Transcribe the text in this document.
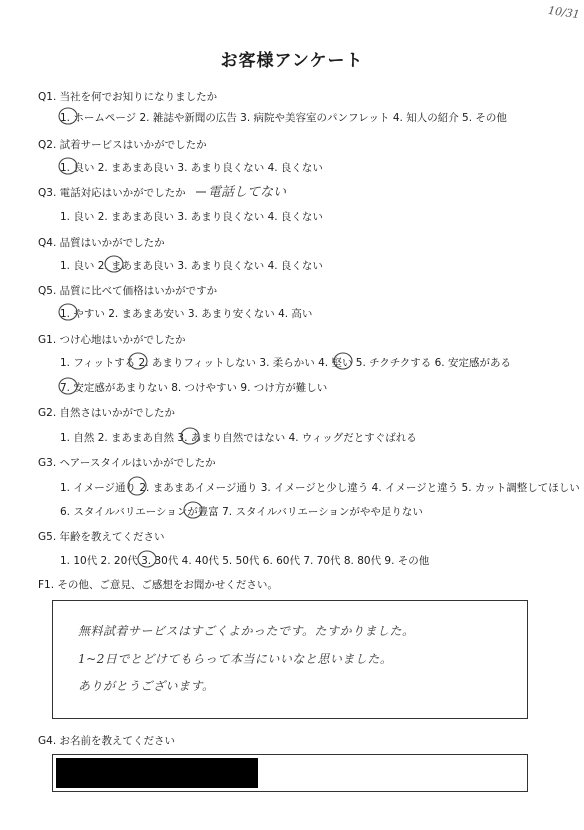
10/31
お客様アンケート
Q1. 当社を何でお知りになりましたか
1. ホームページ 2. 雑誌や新聞の広告 3. 病院や美容室のパンフレット 4. 知人の紹介 5. その他
Q2. 試着サービスはいかがでしたか
1. 良い 2. まあまあ良い 3. あまり良くない 4. 良くない
Q3. 電話対応はいかがでしたか 電話してない
1. 良い 2. まあまあ良い 3. あまり良くない 4. 良くない
Q4. 品質はいかがでしたか
1. 良い 2. まあまあ良い 3. あまり良くない 4. 良くない
Q5. 品質に比べて価格はいかがですか
1. やすい 2. まあまあ安い 3. あまり安くない 4. 高い
G1. つけ心地はいかがでしたか
1. フィットする 2. あまりフィットしない 3. 柔らかい 4. 堅い 5. チクチクする 6. 安定感がある
7. 安定感があまりない 8. つけやすい 9. つけ方が難しい
G2. 自然さはいかがでしたか
1. 自然 2. まあまあ自然 3. あまり自然ではない 4. ウィッグだとすぐばれる
G3. ヘアースタイルはいかがでしたか
1. イメージ通り 2. まあまあイメージ通り 3. イメージと少し違う 4. イメージと違う 5. カット調整してほしい
6. スタイルバリエーションが豊富 7. スタイルバリエーションがやや足りない
G5. 年齢を教えてください
1. 10代 2. 20代 3. 30代 4. 40代 5. 50代 6. 60代 7. 70代 8. 80代 9. その他
F1. その他、ご意見、ご感想をお聞かせください。
無料試着サービスはすごくよかったです。たすかりました。
1~2日でとどけてもらって本当にいいなと思いました。
ありがとうございます。
G4. お名前を教えてください
